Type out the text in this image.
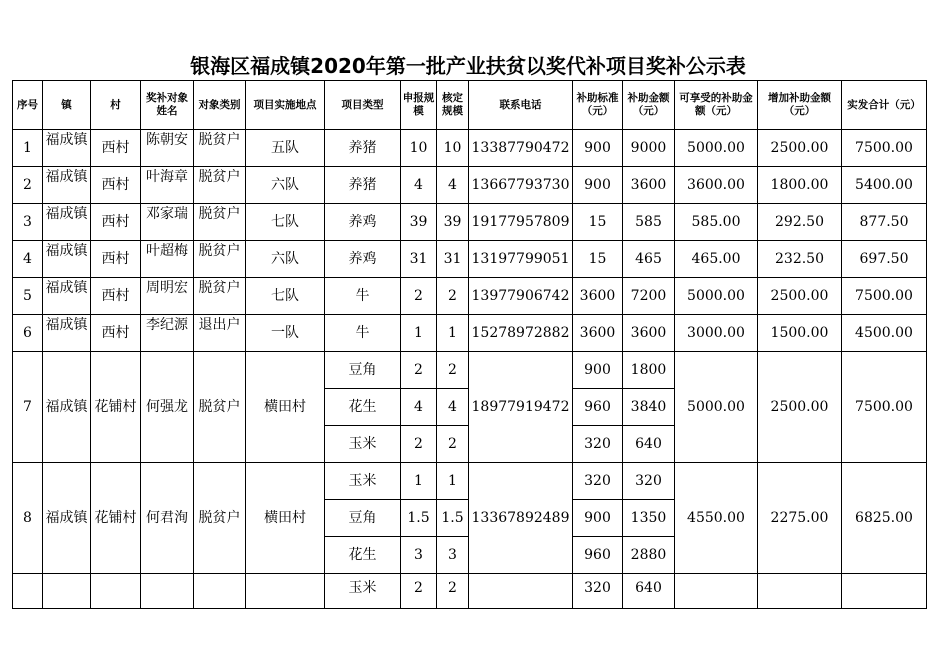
银海区福成镇2020年第一批产业扶贫以奖代补项目奖补公示表
序号	镇	村	奖补对象姓名	对象类别	项目实施地点	项目类型	申报规模	核定规模	联系电话	补助标准（元）	补助金额（元）	可享受的补助金额（元）	增加补助金额（元）	实发合计（元）
1	福成镇	西村	陈朝安	脱贫户	五队	养猪	10	10	13387790472	900	9000	5000.00	2500.00	7500.00
2	福成镇	西村	叶海章	脱贫户	六队	养猪	4	4	13667793730	900	3600	3600.00	1800.00	5400.00
3	福成镇	西村	邓家瑞	脱贫户	七队	养鸡	39	39	19177957809	15	585	585.00	292.50	877.50
4	福成镇	西村	叶超梅	脱贫户	六队	养鸡	31	31	13197799051	15	465	465.00	232.50	697.50
5	福成镇	西村	周明宏	脱贫户	七队	牛	2	2	13977906742	3600	7200	5000.00	2500.00	7500.00
6	福成镇	西村	李纪源	退出户	一队	牛	1	1	15278972882	3600	3600	3000.00	1500.00	4500.00
7	福成镇	花铺村	何强龙	脱贫户	横田村	豆角	2	2	18977919472	900	1800	5000.00	2500.00	7500.00
						花生	4	4		960	3840			
						玉米	2	2		320	640			
8	福成镇	花铺村	何君洵	脱贫户	横田村	玉米	1	1	13367892489	320	320	4550.00	2275.00	6825.00
						豆角	1.5	1.5		900	1350			
						花生	3	3		960	2880			
						玉米	2	2		320	640			
